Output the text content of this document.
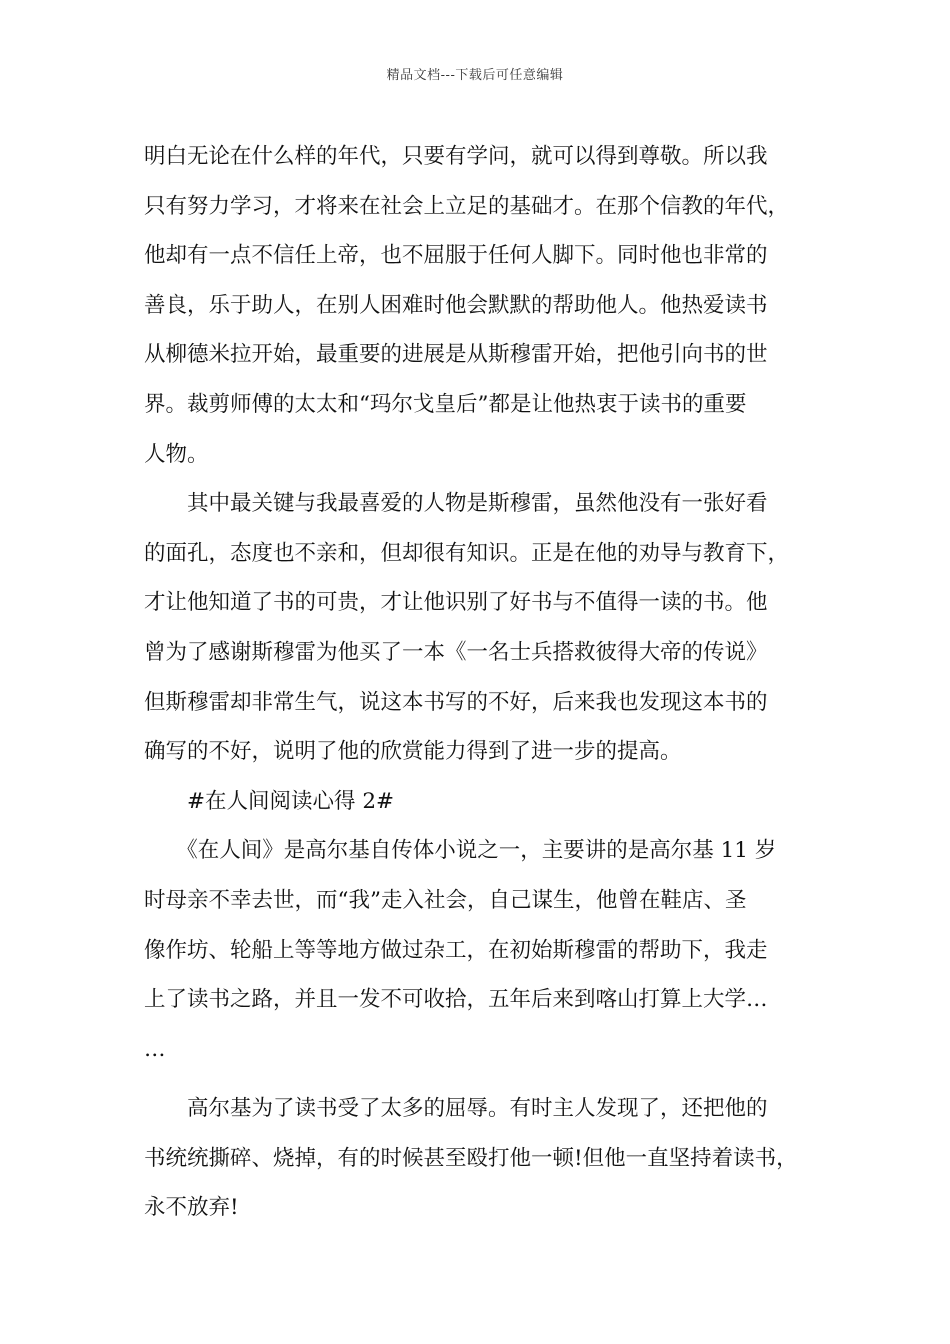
精品文档---下载后可任意编辑
明白无论在什么样的年代，只要有学问，就可以得到尊敬。所以我
只有努力学习，才将来在社会上立足的基础才。在那个信教的年代，
他却有一点不信任上帝，也不屈服于任何人脚下。同时他也非常的
善良，乐于助人，在别人困难时他会默默的帮助他人。他热爱读书
从柳德米拉开始，最重要的进展是从斯穆雷开始，把他引向书的世
界。裁剪师傅的太太和“玛尔戈皇后”都是让他热衷于读书的重要
人物。
　　其中最关键与我最喜爱的人物是斯穆雷，虽然他没有一张好看
的面孔，态度也不亲和，但却很有知识。正是在他的劝导与教育下，
才让他知道了书的可贵，才让他识别了好书与不值得一读的书。他
曾为了感谢斯穆雷为他买了一本《一名士兵搭救彼得大帝的传说》
但斯穆雷却非常生气，说这本书写的不好，后来我也发现这本书的
确写的不好，说明了他的欣赏能力得到了进一步的提高。
　　#在人间阅读心得 2#
　　《在人间》是高尔基自传体小说之一，主要讲的是高尔基 11 岁
时母亲不幸去世，而“我”走入社会，自己谋生，他曾在鞋店、圣
像作坊、轮船上等等地方做过杂工，在初始斯穆雷的帮助下，我走
上了读书之路，并且一发不可收拾，五年后来到喀山打算上大学…
…
　　高尔基为了读书受了太多的屈辱。有时主人发现了，还把他的
书统统撕碎、烧掉，有的时候甚至殴打他一顿!但他一直坚持着读书，
永不放弃!
